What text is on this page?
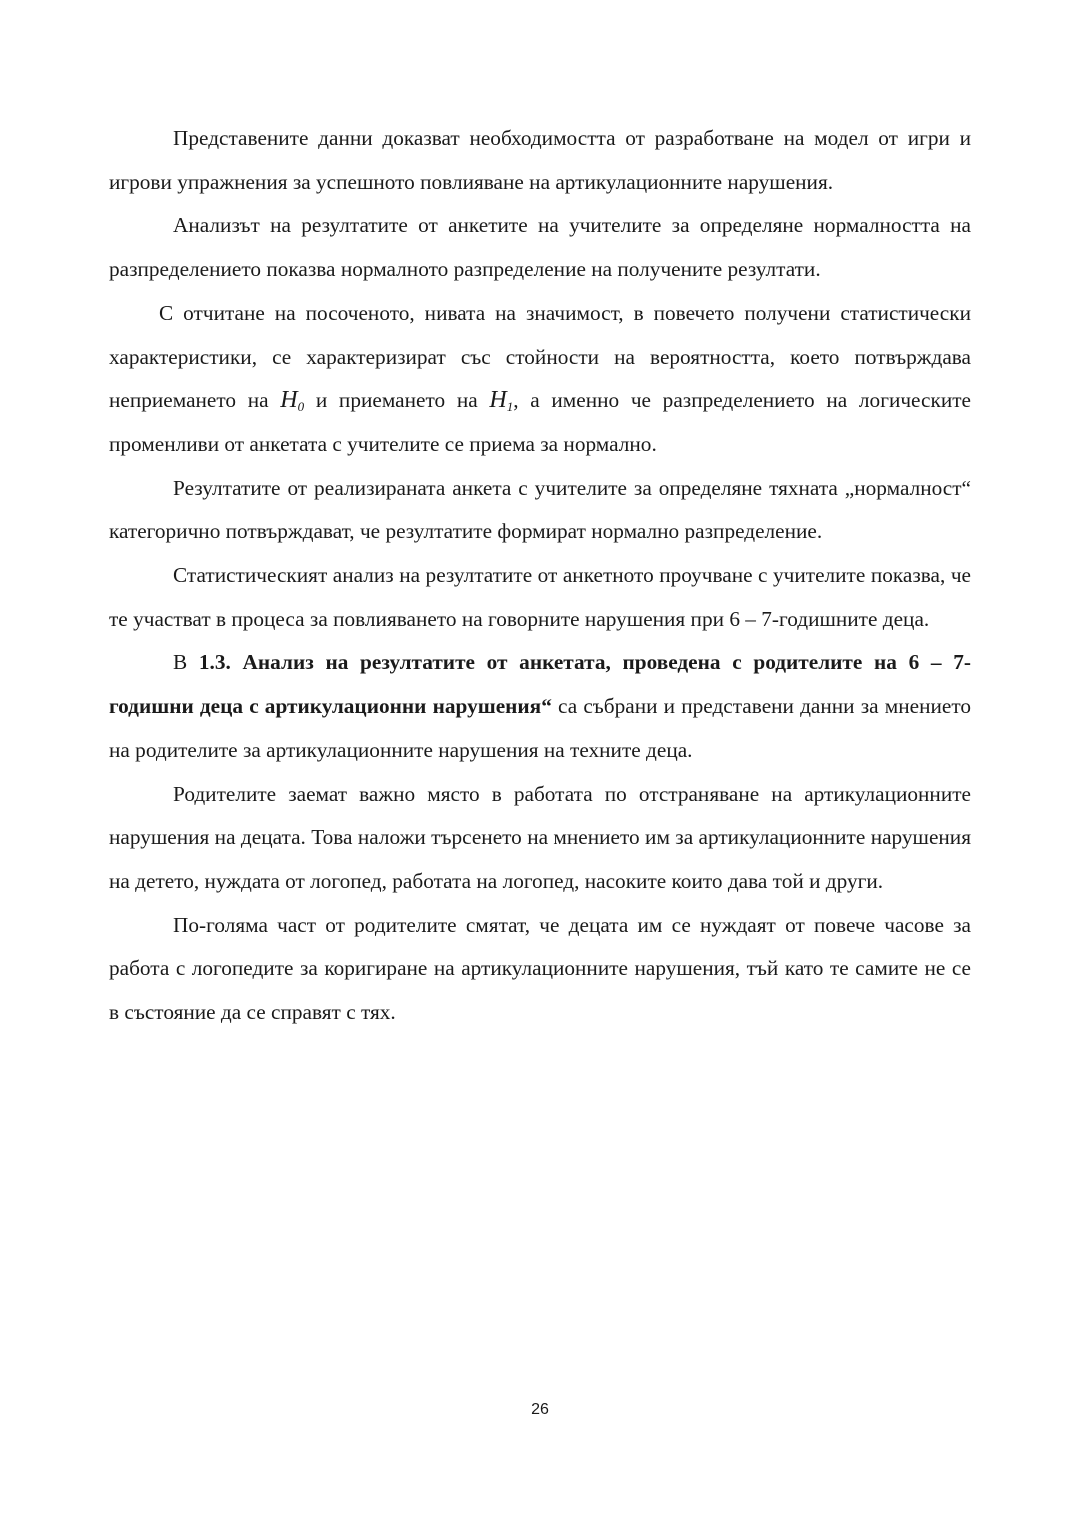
Представените данни доказват необходимостта от разработване на модел от игри и игрови упражнения за успешното повлияване на артикулационните нарушения.

Анализът на резултатите от анкетите на учителите за определяне нормалността на разпределението показва нормалното разпределение на получените резултати.

С отчитане на посоченото, нивата на значимост, в повечето получени статистически характеристики, се характеризират със стойности на вероятността, което потвърждава неприемането на $H_0$ и приемането на $H_1$, а именно че разпределението на логическите променливи от анкетата с учителите се приема за нормално.

Резултатите от реализираната анкета с учителите за определяне тяхната „нормалност“ категорично потвърждават, че резултатите формират нормално разпределение.

Статистическият анализ на резултатите от анкетното проучване с учителите показва, че те участват в процеса за повлияването на говорните нарушения при 6 – 7-годишните деца.

В 1.3. Анализ на резултатите от анкетата, проведена с родителите на 6 – 7-годишни деца с артикулационни нарушения“ са събрани и представени данни за мнението на родителите за артикулационните нарушения на техните деца.

Родителите заемат важно място в работата по отстраняване на артикулационните нарушения на децата. Това наложи търсенето на мнението им за артикулационните нарушения на детето, нуждата от логопед, работата на логопед, насоките които дава той и други.

По-голяма част от родителите смятат, че децата им се нуждаят от повече часове за работа с логопедите за коригиране на артикулационните нарушения, тъй като те самите не се в състояние да се справят с тях.

26
